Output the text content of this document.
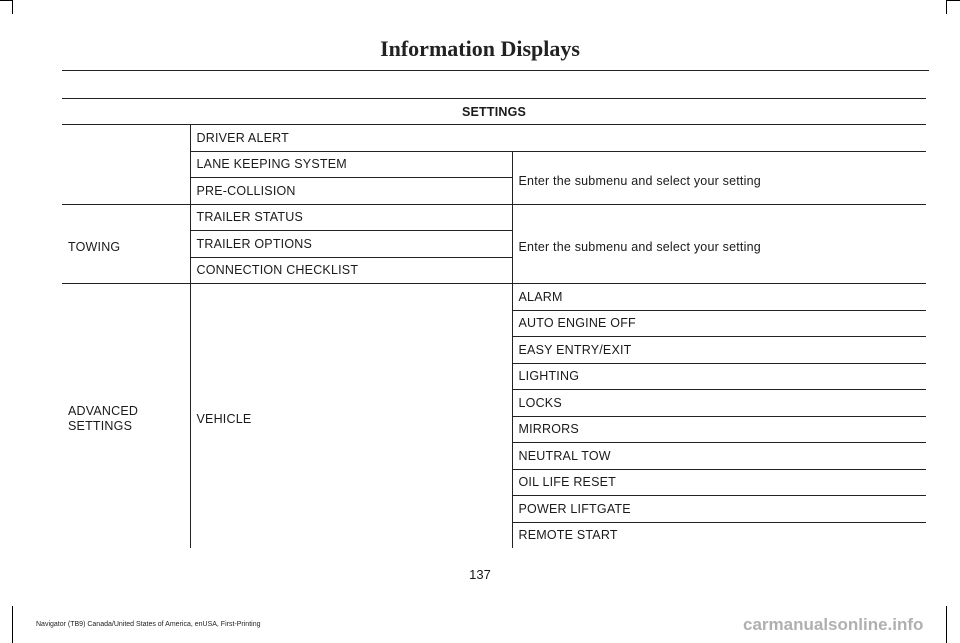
Information Displays
SETTINGS		
	DRIVER ALERT	
	LANE KEEPING SYSTEM	Enter the submenu and select your setting
	PRE-COLLISION	
TOWING	TRAILER STATUS	Enter the submenu and select your setting
	TRAILER OPTIONS	
	CONNECTION CHECKLIST	
ADVANCED SETTINGS	VEHICLE	ALARM
		AUTO ENGINE OFF
		EASY ENTRY/EXIT
		LIGHTING
		LOCKS
		MIRRORS
		NEUTRAL TOW
		OIL LIFE RESET
		POWER LIFTGATE
		REMOTE START
137
Navigator (TB9) Canada/United States of America, enUSA, First-Printing	carmanualsonline.info
